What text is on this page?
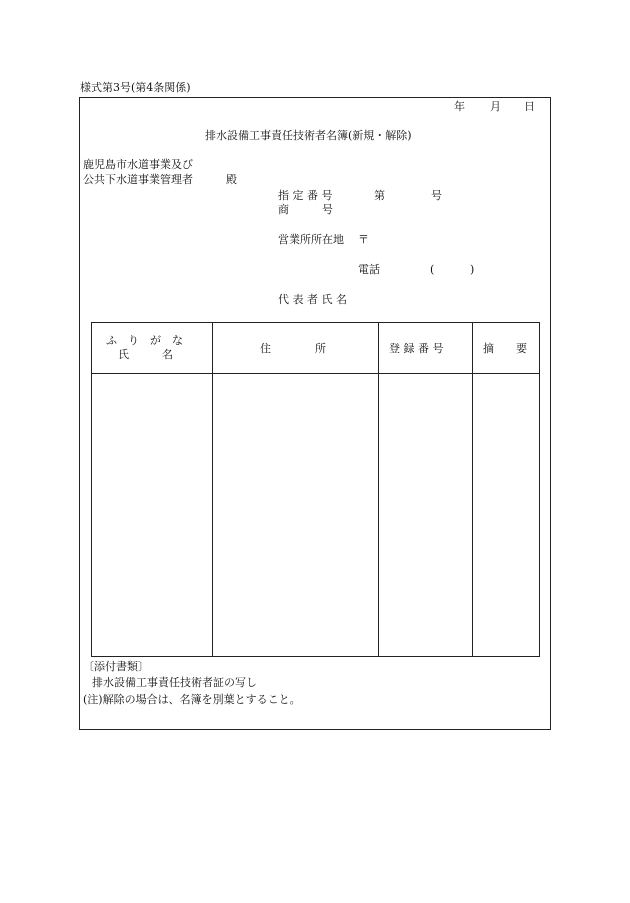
様式第3号(第4条関係)
年 月 日
排水設備工事責任技術者名簿(新規・解除)
鹿児島市水道事業及び
公共下水道事業管理者	殿
指 定 番 号	第	号
商　　　号
営業所所在地 〒
電話	(	)
代 表 者 氏 名
ふ　り　が　な
氏　　　名	住　　　　所	登 録 番 号	摘　　要
〔添付書類〕
排水設備工事責任技術者証の写し
(注)解除の場合は、名簿を別葉とすること。
